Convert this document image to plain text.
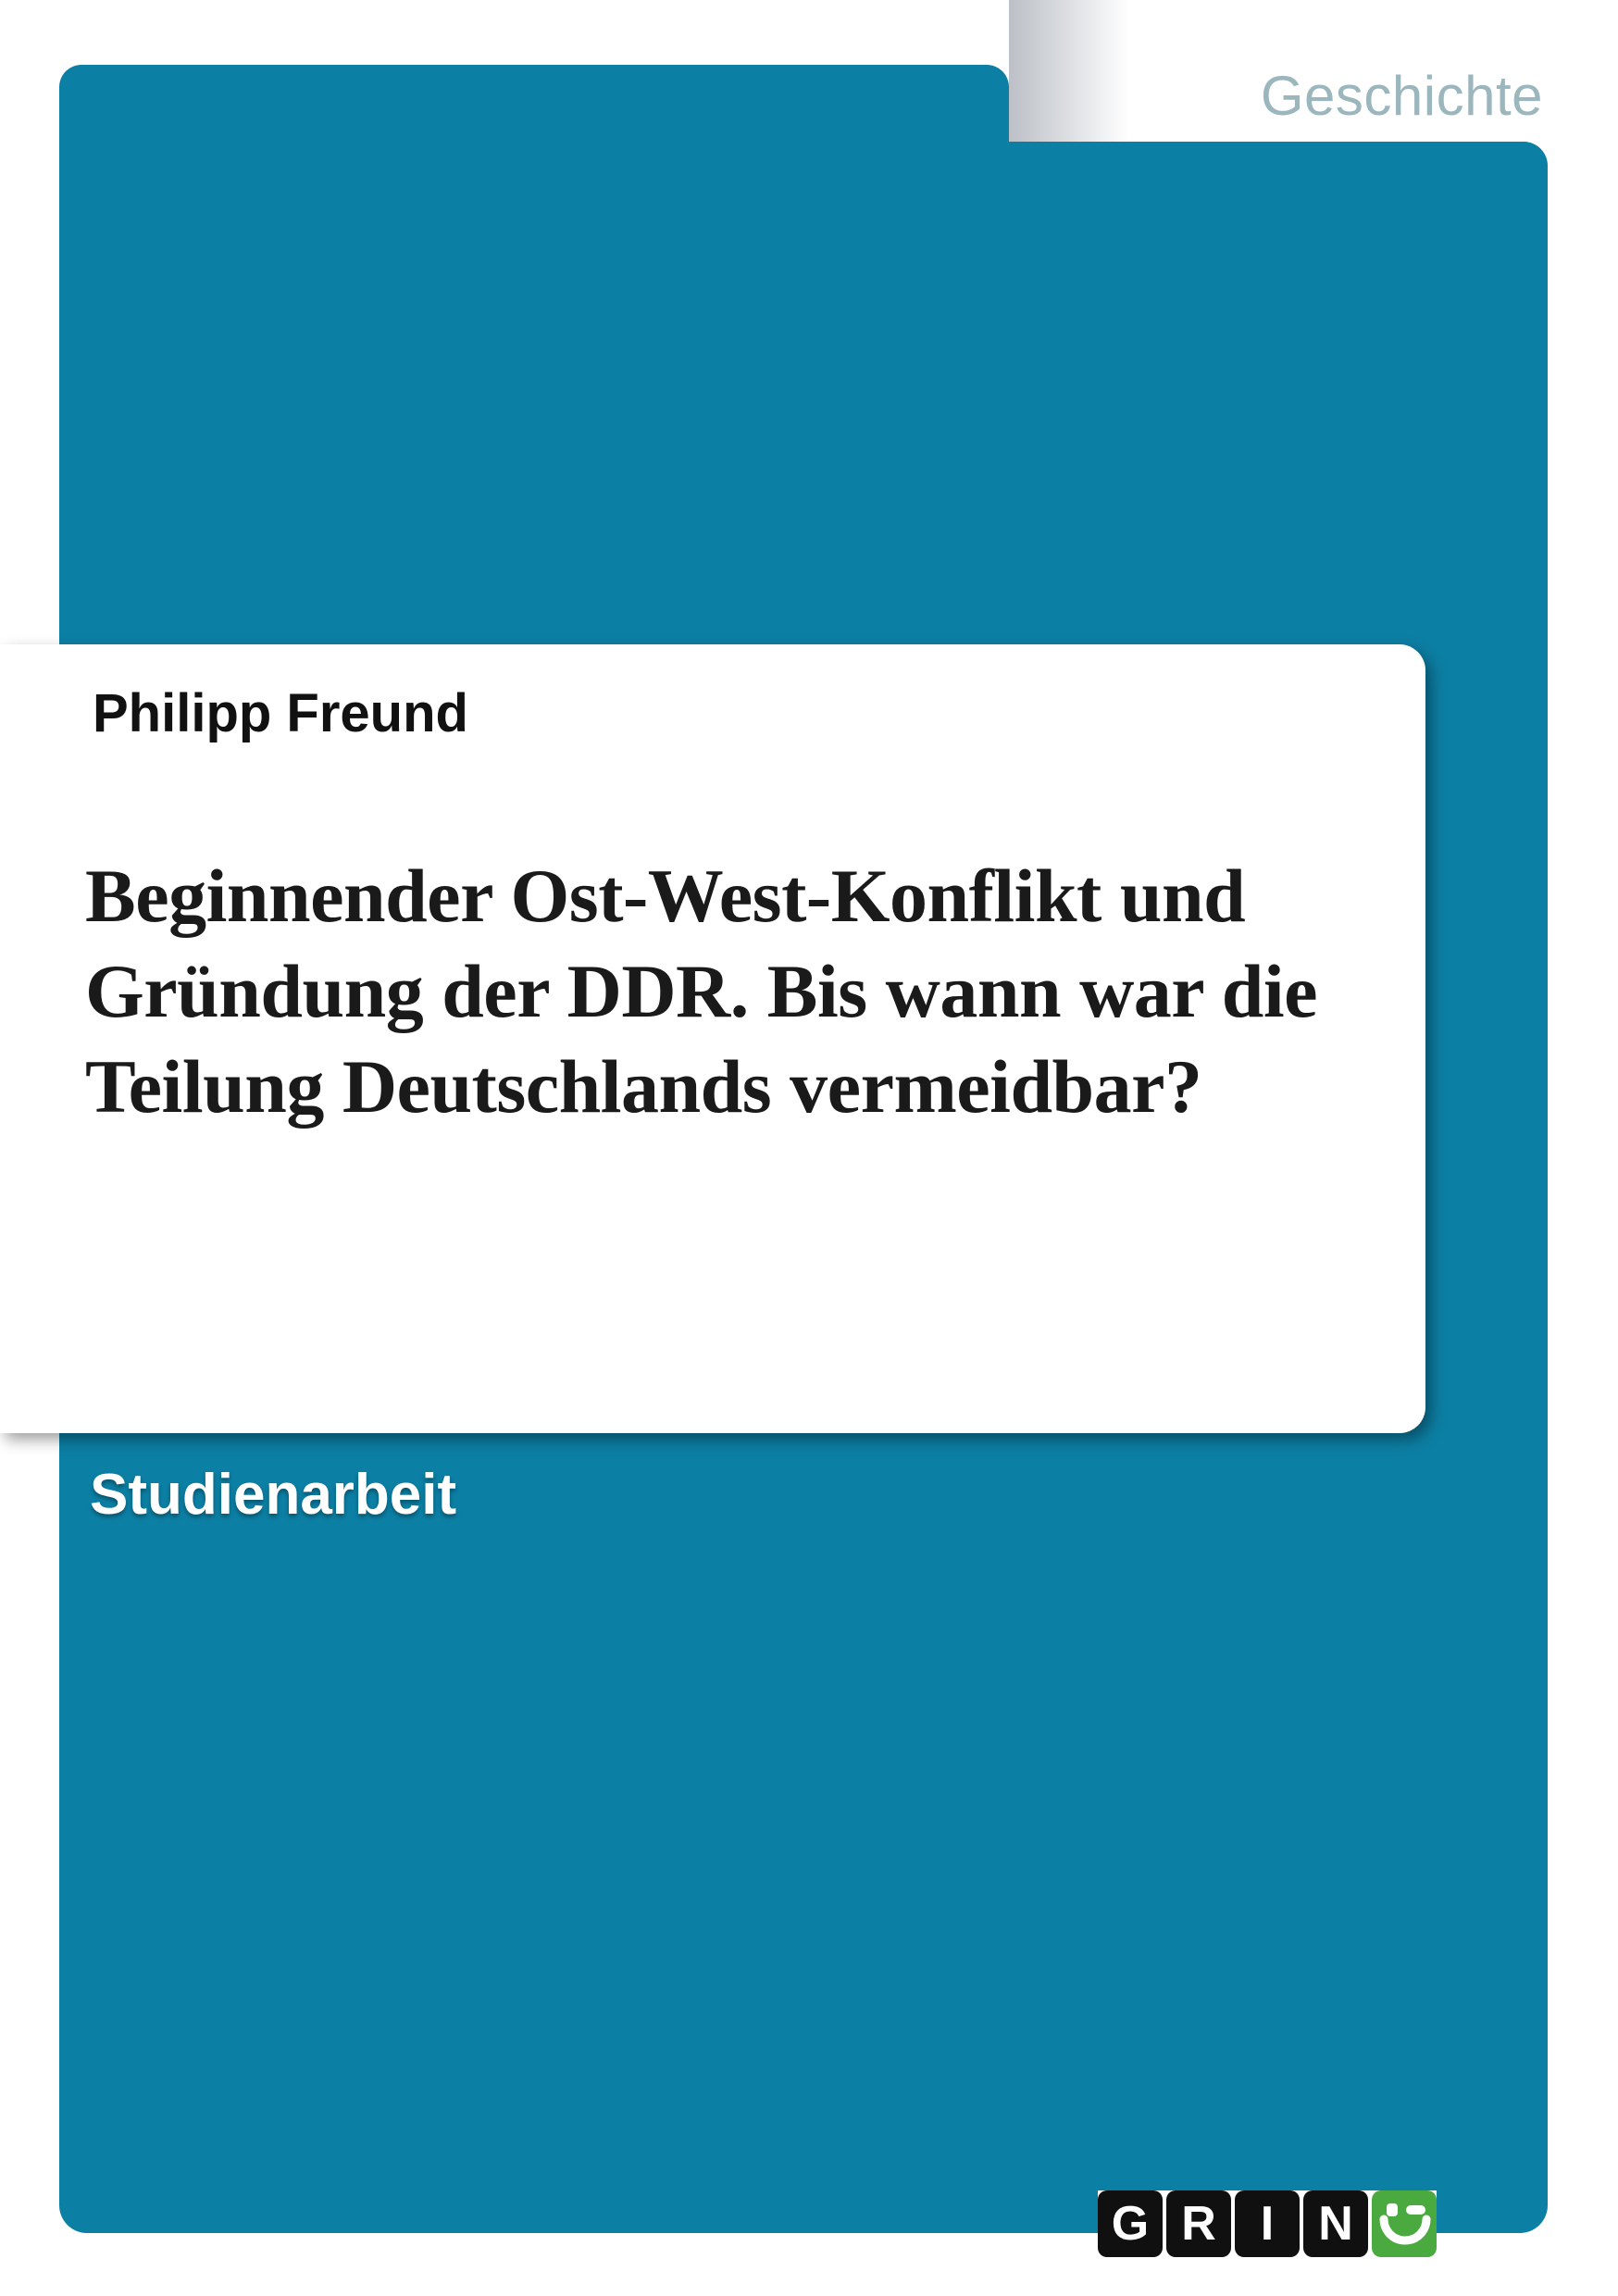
Geschichte
Philipp Freund
Beginnender Ost-West-Konflikt und
Gründung der DDR. Bis wann war die
Teilung Deutschlands vermeidbar?
Studienarbeit
G R I N
